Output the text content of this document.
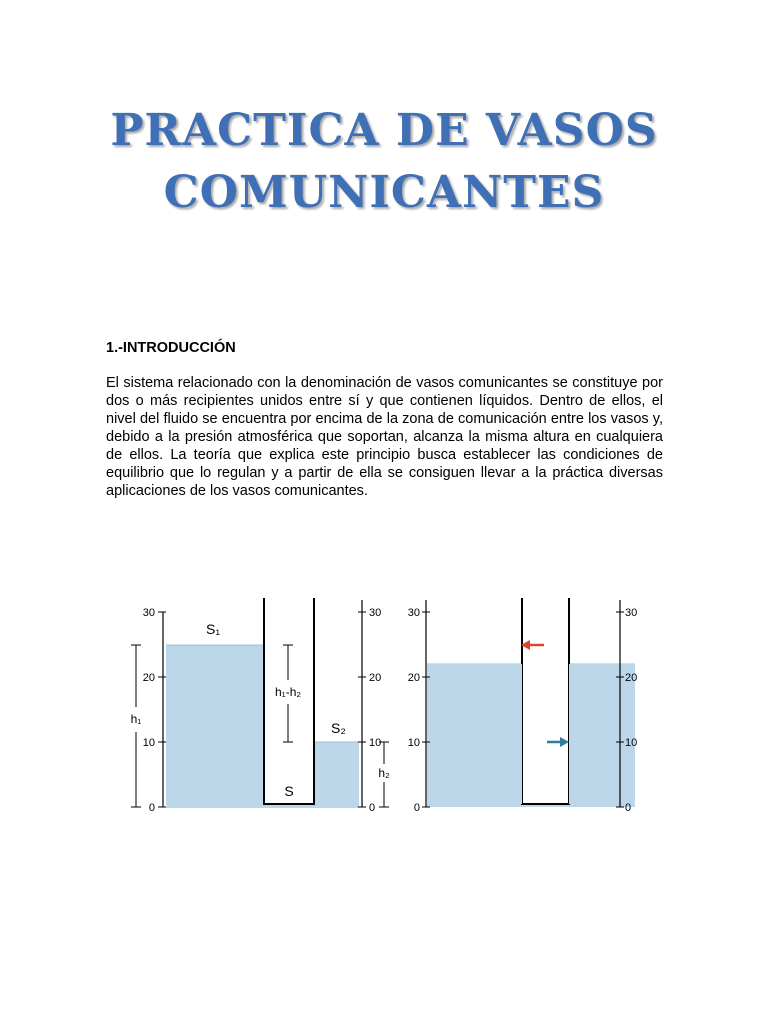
PRACTICA DE VASOS
COMUNICANTES
1.-INTRODUCCIÓN
El sistema relacionado con la denominación de vasos comunicantes se constituye por dos o más recipientes unidos entre sí y que contienen líquidos. Dentro de ellos, el nivel del fluido se encuentra por encima de la zona de comunicación entre los vasos y, debido a la presión atmosférica que soportan, alcanza la misma altura en cualquiera de ellos. La teoría que explica este principio busca establecer las condiciones de equilibrio que lo regulan y a partir de ella se consiguen llevar a la práctica diversas aplicaciones de los vasos comunicantes.
30
20
10
0
30
20
10
0
h₁
h₁-h₂
h₂
S₁
S₂
S
30
20
10
0
30
20
10
0
